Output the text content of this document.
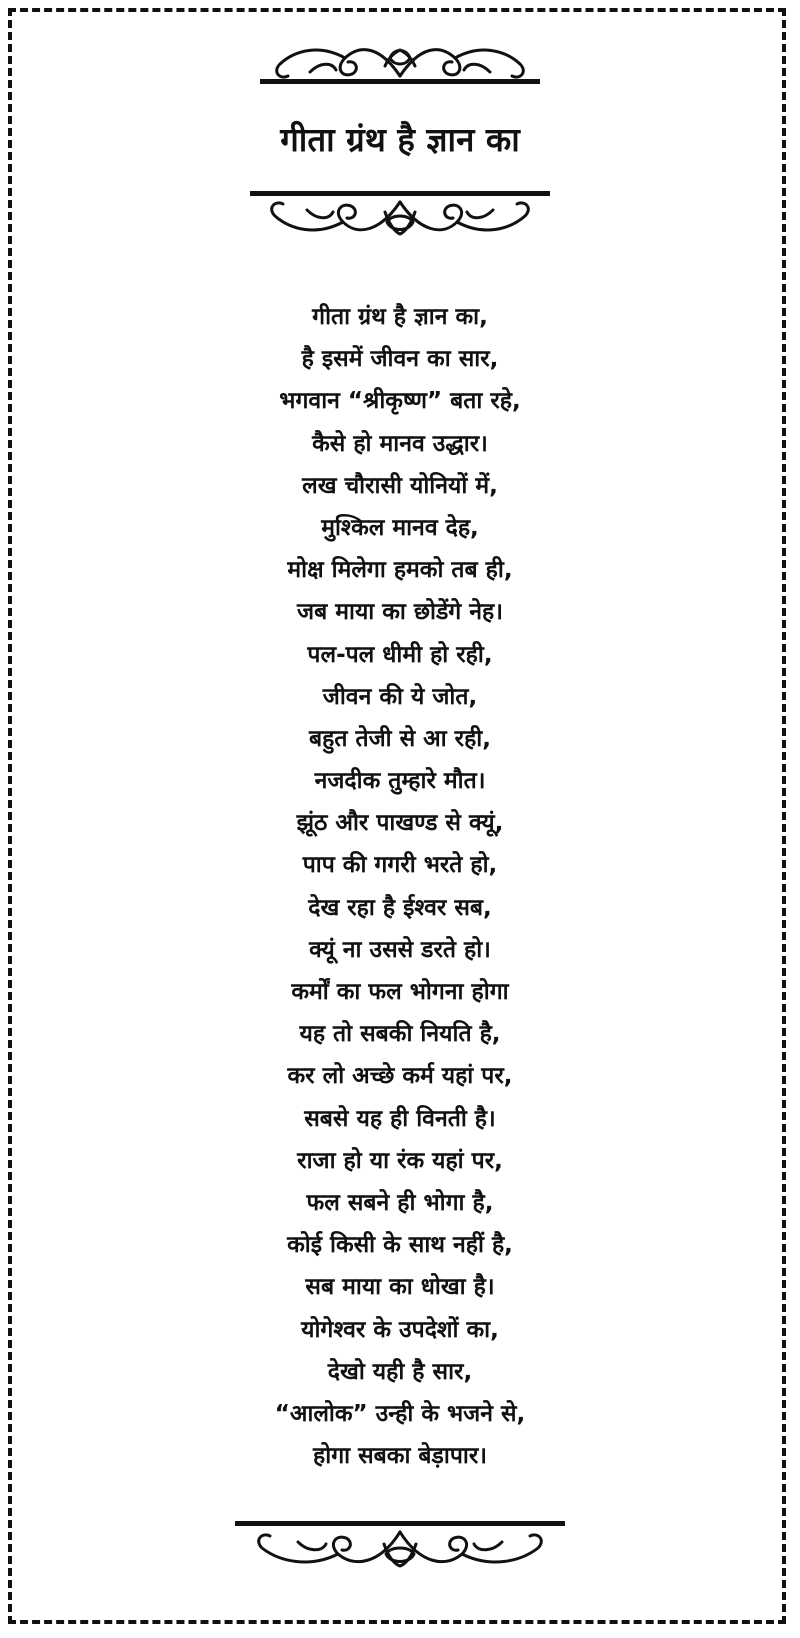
गीता ग्रंथ है ज्ञान का
गीता ग्रंथ है ज्ञान का,
है इसमें जीवन का सार,
भगवान “श्रीकृष्ण” बता रहे,
कैसे हो मानव उद्धार।
लख चौरासी योनियों में,
मुश्किल मानव देह,
मोक्ष मिलेगा हमको तब ही,
जब माया का छोडेंगे नेह।
पल-पल धीमी हो रही,
जीवन की ये जोत,
बहुत तेजी से आ रही,
नजदीक तुम्हारे मौत।
झूंठ और पाखण्ड से क्यूं,
पाप की गगरी भरते हो,
देख रहा है ईश्वर सब,
क्यूं ना उससे डरते हो।
कर्मों का फल भोगना होगा
यह तो सबकी नियति है,
कर लो अच्छे कर्म यहां पर,
सबसे यह ही विनती है।
राजा हो या रंक यहां पर,
फल सबने ही भोगा है,
कोई किसी के साथ नहीं है,
सब माया का धोखा है।
योगेश्वर के उपदेशों का,
देखो यही है सार,
“आलोक” उन्ही के भजने से,
होगा सबका बेड़ापार।
